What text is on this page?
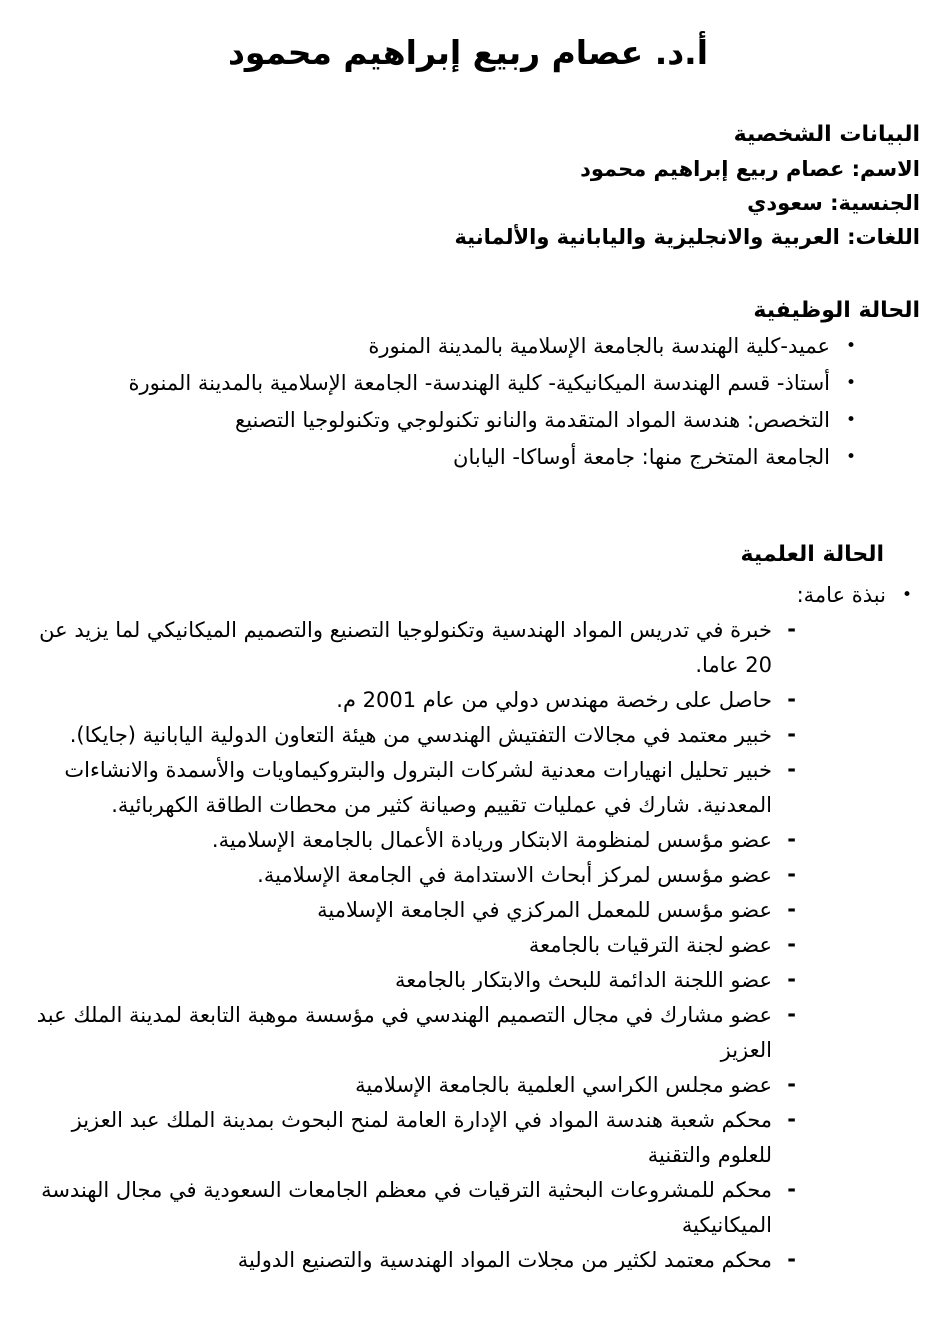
أ.د. عصام ربيع إبراهيم محمود
البيانات الشخصية

الاسم: عصام ربيع إبراهيم محمود

الجنسية: سعودي

اللغات: العربية والانجليزية واليابانية والألمانية

الحالة الوظيفية
•
عميد-كلية الهندسة بالجامعة الإسلامية بالمدينة المنورة
•
أستاذ- قسم الهندسة الميكانيكية- كلية الهندسة- الجامعة الإسلامية بالمدينة المنورة
•
التخصص: هندسة المواد المتقدمة والنانو تكنولوجي وتكنولوجيا التصنيع
•
الجامعة المتخرج منها: جامعة أوساكا- اليابان
الحالة العلمية
•
نبذة عامة:
-
خبرة في تدريس المواد الهندسية وتكنولوجيا التصنيع والتصميم الميكانيكي لما يزيد عن 20 عاما.
-
حاصل على رخصة مهندس دولي من عام 2001 م.
-
خبير معتمد في مجالات التفتيش الهندسي من هيئة التعاون الدولية اليابانية (جايكا).
-
خبير تحليل انهيارات معدنية لشركات البترول والبتروكيماويات والأسمدة والانشاءات المعدنية. شارك في عمليات تقييم وصيانة كثير من محطات الطاقة الكهربائية.
-
عضو مؤسس لمنظومة الابتكار وريادة الأعمال بالجامعة الإسلامية.
-
عضو مؤسس لمركز أبحاث الاستدامة في الجامعة الإسلامية.
-
عضو مؤسس للمعمل المركزي في الجامعة الإسلامية
-
عضو لجنة الترقيات بالجامعة
-
عضو اللجنة الدائمة للبحث والابتكار بالجامعة
-
عضو مشارك في مجال التصميم الهندسي في مؤسسة موهبة التابعة لمدينة الملك عبد العزيز
-
عضو مجلس الكراسي العلمية بالجامعة الإسلامية
-
محكم شعبة هندسة المواد في الإدارة العامة لمنح البحوث بمدينة الملك عبد العزيز للعلوم والتقنية
-
محكم للمشروعات البحثية الترقيات في معظم الجامعات السعودية في مجال الهندسة الميكانيكية
-
محكم معتمد لكثير من مجلات المواد الهندسية والتصنيع الدولية
